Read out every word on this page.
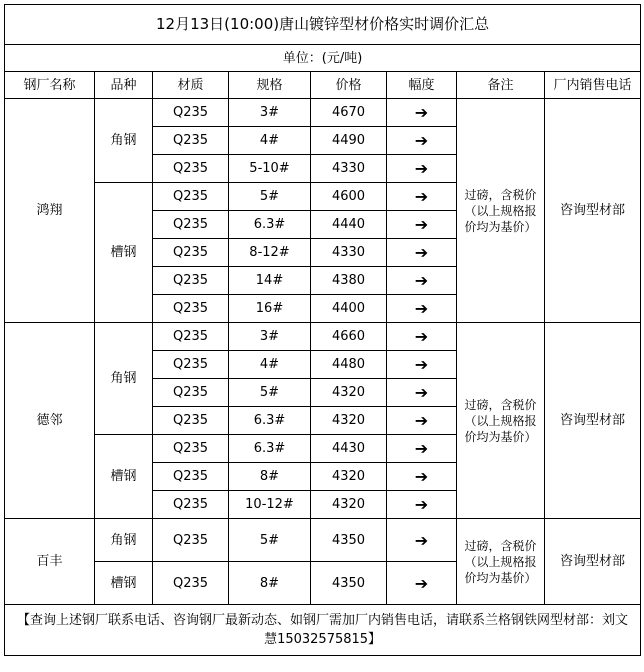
12月13日(10:00)唐山镀锌型材价格实时调价汇总							
单位：(元/吨)							
钢厂名称	品种	材质	规格	价格	幅度	备注	厂内销售电话
鸿翔	角钢	Q235	3#	4670	➔	过磅，含税价（以上规格报价均为基价）	咨询型材部
		Q235	4#	4490	➔		
		Q235	5-10#	4330	➔		
	槽钢	Q235	5#	4600	➔		
		Q235	6.3#	4440	➔		
		Q235	8-12#	4330	➔		
		Q235	14#	4380	➔		
		Q235	16#	4400	➔		
德邻	角钢	Q235	3#	4660	➔	过磅，含税价（以上规格报价均为基价）	咨询型材部
		Q235	4#	4480	➔		
		Q235	5#	4320	➔		
		Q235	6.3#	4320	➔		
	槽钢	Q235	6.3#	4430	➔		
		Q235	8#	4320	➔		
		Q235	10-12#	4320	➔		
百丰	角钢	Q235	5#	4350	➔	过磅，含税价（以上规格报价均为基价）	咨询型材部
	槽钢	Q235	8#	4350	➔		
【查询上述钢厂联系电话、咨询钢厂最新动态、如钢厂需加厂内销售电话，请联系兰格钢铁网型材部：刘文慧15032575815】							
